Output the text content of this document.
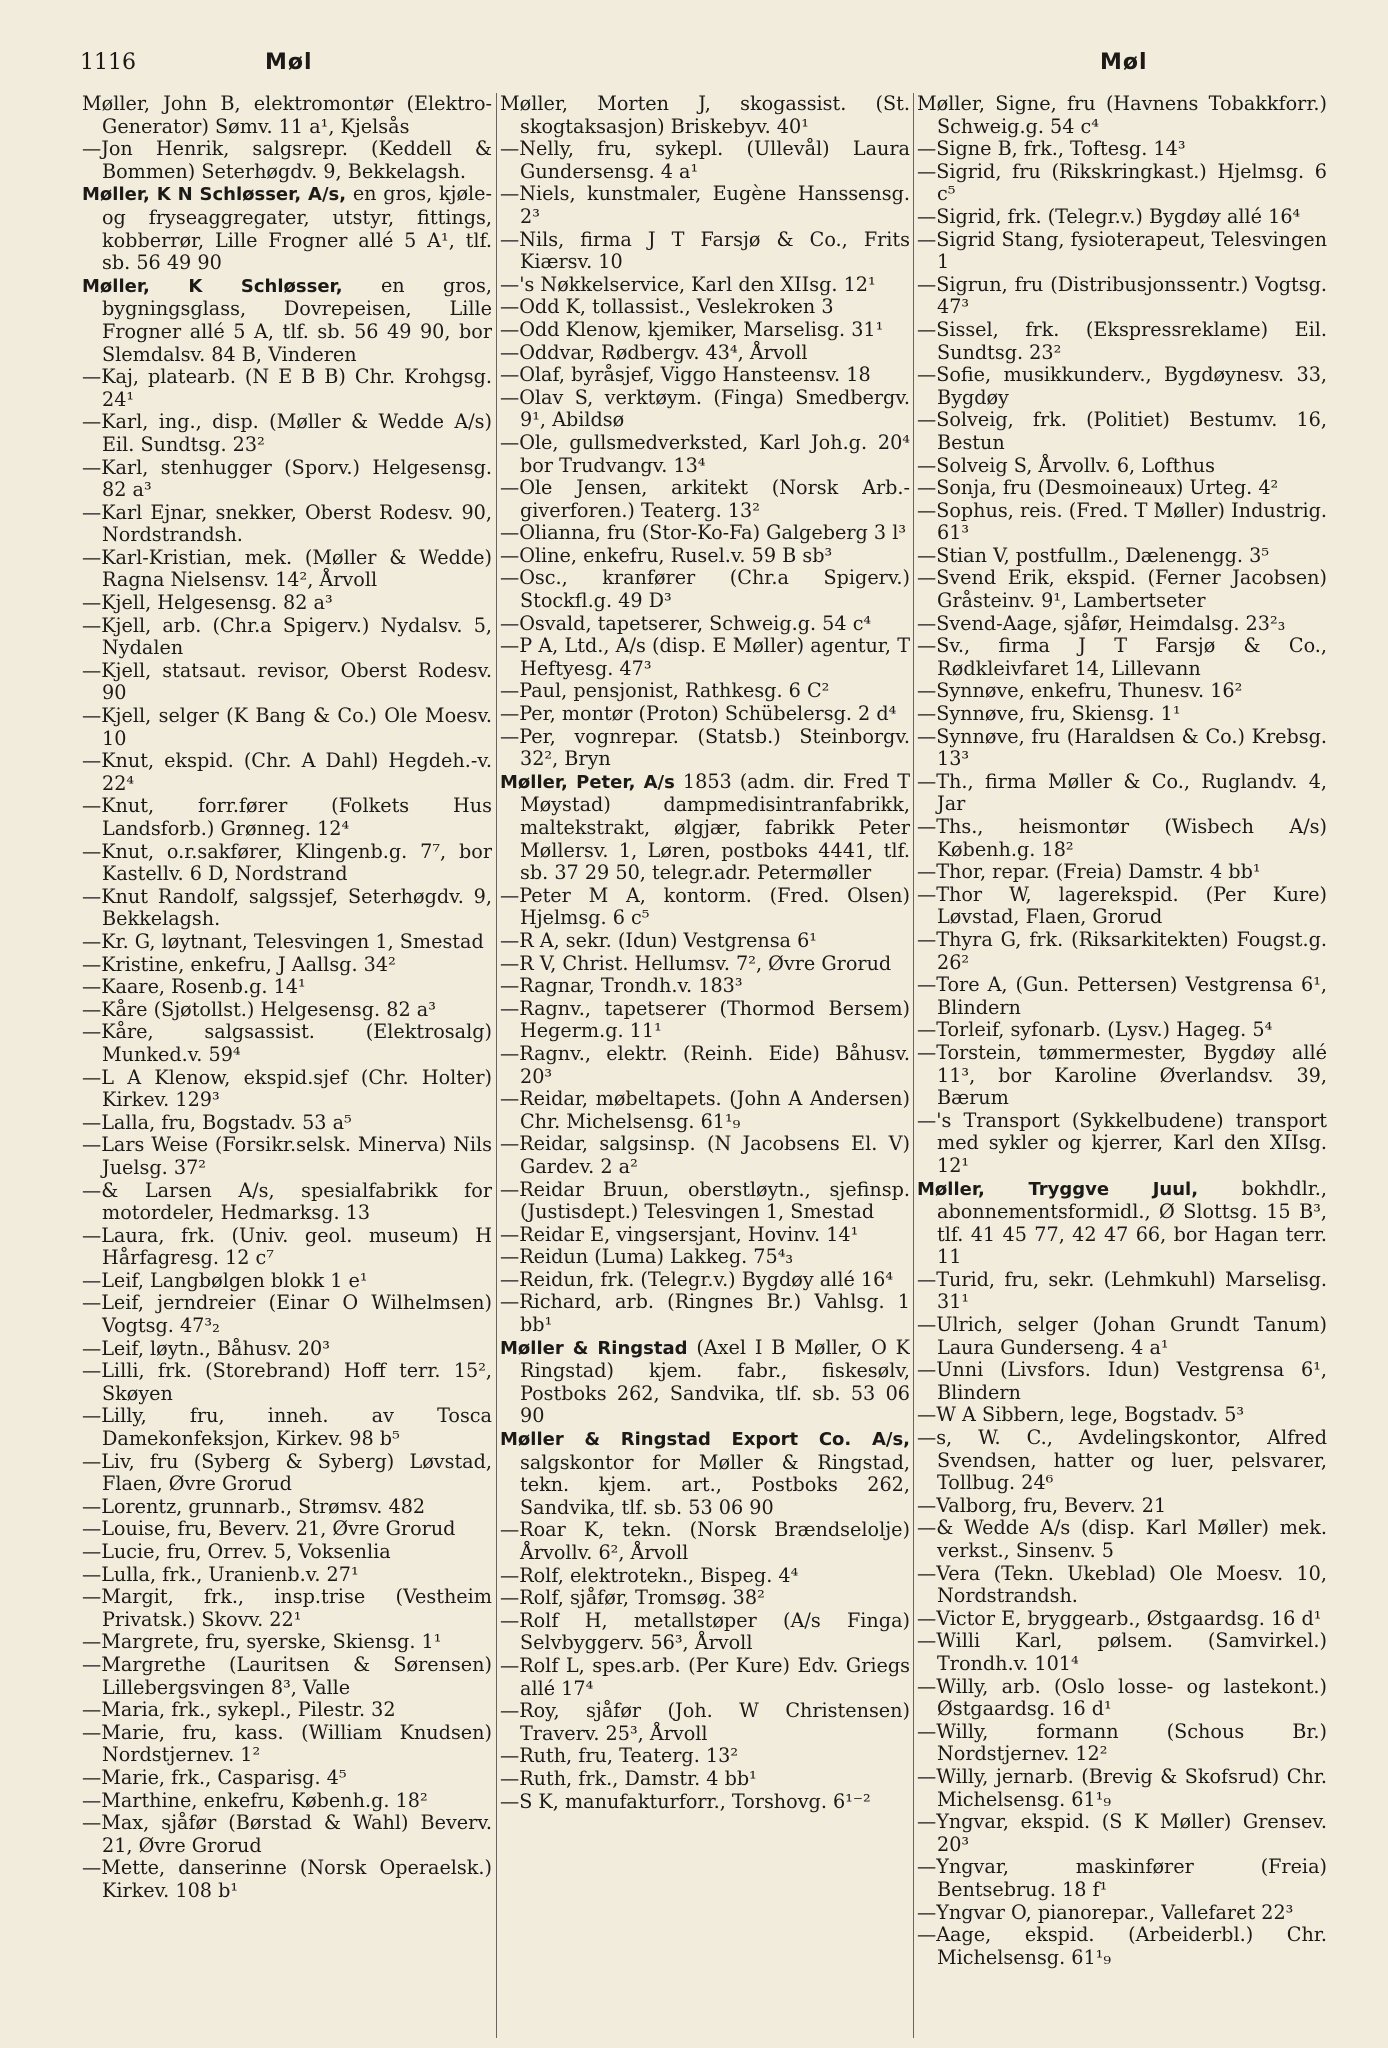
1116	Møl	Møl

Møller, John B, elektromontør (Elektro-Generator) Sømv. 11 a¹, Kjelsås

—Jon Henrik, salgsrepr. (Keddell & Bommen) Seterhøgdv. 9, Bekkelagsh.

Møller, K N Schløsser, A/s, en gros, kjøle- og fryseaggregater, utstyr, fittings, kobberrør, Lille Frogner allé 5 A¹, tlf. sb. 56 49 90

Møller, K Schløsser, en gros, bygningsglass, Dovrepeisen, Lille Frogner allé 5 A, tlf. sb. 56 49 90, bor Slemdalsv. 84 B, Vinderen

—Kaj, platearb. (N E B B) Chr. Krohgsg. 24¹

—Karl, ing., disp. (Møller & Wedde A/s) Eil. Sundtsg. 23²

—Karl, stenhugger (Sporv.) Helgesensg. 82 a³

—Karl Ejnar, snekker, Oberst Rodesv. 90, Nordstrandsh.

—Karl-Kristian, mek. (Møller & Wedde) Ragna Nielsensv. 14², Årvoll

—Kjell, Helgesensg. 82 a³

—Kjell, arb. (Chr.a Spigerv.) Nydalsv. 5, Nydalen

—Kjell, statsaut. revisor, Oberst Rodesv. 90

—Kjell, selger (K Bang & Co.) Ole Moesv. 10

—Knut, ekspid. (Chr. A Dahl) Hegdeh.-v. 22⁴

—Knut, forr.fører (Folkets Hus Landsforb.) Grønneg. 12⁴

—Knut, o.r.sakfører, Klingenb.g. 7⁷, bor Kastellv. 6 D, Nordstrand

—Knut Randolf, salgssjef, Seterhøgdv. 9, Bekkelagsh.

—Kr. G, løytnant, Telesvingen 1, Smestad

—Kristine, enkefru, J Aallsg. 34²

—Kaare, Rosenb.g. 14¹

—Kåre (Sjøtollst.) Helgesensg. 82 a³

—Kåre, salgsassist. (Elektrosalg) Munked.v. 59⁴

—L A Klenow, ekspid.sjef (Chr. Holter) Kirkev. 129³

—Lalla, fru, Bogstadv. 53 a⁵

—Lars Weise (Forsikr.selsk. Minerva) Nils Juelsg. 37²

—& Larsen A/s, spesialfabrikk for motordeler, Hedmarksg. 13

—Laura, frk. (Univ. geol. museum) H Hårfagresg. 12 c⁷

—Leif, Langbølgen blokk 1 e¹

—Leif, jerndreier (Einar O Wilhelmsen) Vogtsg. 47³₂

—Leif, løytn., Båhusv. 20³

—Lilli, frk. (Storebrand) Hoff terr. 15², Skøyen

—Lilly, fru, inneh. av Tosca Damekonfeksjon, Kirkev. 98 b⁵

—Liv, fru (Syberg & Syberg) Løvstad, Flaen, Øvre Grorud

—Lorentz, grunnarb., Strømsv. 482

—Louise, fru, Beverv. 21, Øvre Grorud

—Lucie, fru, Orrev. 5, Voksenlia

—Lulla, frk., Uranienb.v. 27¹

—Margit, frk., insp.trise (Vestheim Privatsk.) Skovv. 22¹

—Margrete, fru, syerske, Skiensg. 1¹

—Margrethe (Lauritsen & Sørensen) Lillebergsvingen 8³, Valle

—Maria, frk., sykepl., Pilestr. 32

—Marie, fru, kass. (William Knudsen) Nordstjernev. 1²

—Marie, frk., Casparisg. 4⁵

—Marthine, enkefru, Københ.g. 18²

—Max, sjåfør (Børstad & Wahl) Beverv. 21, Øvre Grorud

—Mette, danserinne (Norsk Operaelsk.) Kirkev. 108 b¹

Møller, Morten J, skogassist. (St. skogtaksasjon) Briskebyv. 40¹

—Nelly, fru, sykepl. (Ullevål) Laura Gundersensg. 4 a¹

—Niels, kunstmaler, Eugène Hanssensg. 2³

—Nils, firma J T Farsjø & Co., Frits Kiærsv. 10

—'s Nøkkelservice, Karl den XIIsg. 12¹

—Odd K, tollassist., Veslekroken 3

—Odd Klenow, kjemiker, Marselisg. 31¹

—Oddvar, Rødbergv. 43⁴, Årvoll

—Olaf, byråsjef, Viggo Hansteensv. 18

—Olav S, verktøym. (Finga) Smedbergv. 9¹, Abildsø

—Ole, gullsmedverksted, Karl Joh.g. 20⁴ bor Trudvangv. 13⁴

—Ole Jensen, arkitekt (Norsk Arb.-giverforen.) Teaterg. 13²

—Olianna, fru (Stor-Ko-Fa) Galgeberg 3 l³

—Oline, enkefru, Rusel.v. 59 B sb³

—Osc., kranfører (Chr.a Spigerv.) Stockfl.g. 49 D³

—Osvald, tapetserer, Schweig.g. 54 c⁴

—P A, Ltd., A/s (disp. E Møller) agentur, T Heftyesg. 47³

—Paul, pensjonist, Rathkesg. 6 C²

—Per, montør (Proton) Schübelersg. 2 d⁴

—Per, vognrepar. (Statsb.) Steinborgv. 32², Bryn

Møller, Peter, A/s 1853 (adm. dir. Fred T Møystad) dampmedisintranfabrikk, maltekstrakt, ølgjær, fabrikk Peter Møllersv. 1, Løren, postboks 4441, tlf. sb. 37 29 50, telegr.adr. Petermøller

—Peter M A, kontorm. (Fred. Olsen) Hjelmsg. 6 c⁵

—R A, sekr. (Idun) Vestgrensa 6¹

—R V, Christ. Hellumsv. 7², Øvre Grorud

—Ragnar, Trondh.v. 183³

—Ragnv., tapetserer (Thormod Bersem) Hegerm.g. 11¹

—Ragnv., elektr. (Reinh. Eide) Båhusv. 20³

—Reidar, møbeltapets. (John A Andersen) Chr. Michelsensg. 61¹₉

—Reidar, salgsinsp. (N Jacobsens El. V) Gardev. 2 a²

—Reidar Bruun, oberstløytn., sjefinsp. (Justisdept.) Telesvingen 1, Smestad

—Reidar E, vingsersjant, Hovinv. 14¹

—Reidun (Luma) Lakkeg. 75⁴₃

—Reidun, frk. (Telegr.v.) Bygdøy allé 16⁴

—Richard, arb. (Ringnes Br.) Vahlsg. 1 bb¹

Møller & Ringstad (Axel I B Møller, O K Ringstad) kjem. fabr., fiskesølv, Postboks 262, Sandvika, tlf. sb. 53 06 90

Møller & Ringstad Export Co. A/s, salgskontor for Møller & Ringstad, tekn. kjem. art., Postboks 262, Sandvika, tlf. sb. 53 06 90

—Roar K, tekn. (Norsk Brændselolje) Årvollv. 6², Årvoll

—Rolf, elektrotekn., Bispeg. 4⁴

—Rolf, sjåfør, Tromsøg. 38²

—Rolf H, metallstøper (A/s Finga) Selvbyggerv. 56³, Årvoll

—Rolf L, spes.arb. (Per Kure) Edv. Griegs allé 17⁴

—Roy, sjåfør (Joh. W Christensen) Traverv. 25³, Årvoll

—Ruth, fru, Teaterg. 13²

—Ruth, frk., Damstr. 4 bb¹

—S K, manufakturforr., Torshovg. 6¹⁻²

Møller, Signe, fru (Havnens Tobakkforr.) Schweig.g. 54 c⁴

—Signe B, frk., Toftesg. 14³

—Sigrid, fru (Rikskringkast.) Hjelmsg. 6 c⁵

—Sigrid, frk. (Telegr.v.) Bygdøy allé 16⁴

—Sigrid Stang, fysioterapeut, Telesvingen 1

—Sigrun, fru (Distribusjonssentr.) Vogtsg. 47³

—Sissel, frk. (Ekspressreklame) Eil. Sundtsg. 23²

—Sofie, musikkunderv., Bygdøynesv. 33, Bygdøy

—Solveig, frk. (Politiet) Bestumv. 16, Bestun

—Solveig S, Årvollv. 6, Lofthus

—Sonja, fru (Desmoineaux) Urteg. 4²

—Sophus, reis. (Fred. T Møller) Industrig. 61³

—Stian V, postfullm., Dælenengg. 3⁵

—Svend Erik, ekspid. (Ferner Jacobsen) Gråsteinv. 9¹, Lambertseter

—Svend-Aage, sjåfør, Heimdalsg. 23²₃

—Sv., firma J T Farsjø & Co., Rødkleivfaret 14, Lillevann

—Synnøve, enkefru, Thunesv. 16²

—Synnøve, fru, Skiensg. 1¹

—Synnøve, fru (Haraldsen & Co.) Krebsg. 13³

—Th., firma Møller & Co., Ruglandv. 4, Jar

—Ths., heismontør (Wisbech A/s) Københ.g. 18²

—Thor, repar. (Freia) Damstr. 4 bb¹

—Thor W, lagerekspid. (Per Kure) Løvstad, Flaen, Grorud

—Thyra G, frk. (Riksarkitekten) Fougst.g. 26²

—Tore A, (Gun. Pettersen) Vestgrensa 6¹, Blindern

—Torleif, syfonarb. (Lysv.) Hageg. 5⁴

—Torstein, tømmermester, Bygdøy allé 11³, bor Karoline Øverlandsv. 39, Bærum

—'s Transport (Sykkelbudene) transport med sykler og kjerrer, Karl den XIIsg. 12¹

Møller, Tryggve Juul, bokhdlr., abonnementsformidl., Ø Slottsg. 15 B³, tlf. 41 45 77, 42 47 66, bor Hagan terr. 11

—Turid, fru, sekr. (Lehmkuhl) Marselisg. 31¹

—Ulrich, selger (Johan Grundt Tanum) Laura Gunderseng. 4 a¹

—Unni (Livsfors. Idun) Vestgrensa 6¹, Blindern

—W A Sibbern, lege, Bogstadv. 5³

—s, W. C., Avdelingskontor, Alfred Svendsen, hatter og luer, pelsvarer, Tollbug. 24⁶

—Valborg, fru, Beverv. 21

—& Wedde A/s (disp. Karl Møller) mek. verkst., Sinsenv. 5

—Vera (Tekn. Ukeblad) Ole Moesv. 10, Nordstrandsh.

—Victor E, bryggearb., Østgaardsg. 16 d¹

—Willi Karl, pølsem. (Samvirkel.) Trondh.v. 101⁴

—Willy, arb. (Oslo losse- og lastekont.) Østgaardsg. 16 d¹

—Willy, formann (Schous Br.) Nordstjernev. 12²

—Willy, jernarb. (Brevig & Skofsrud) Chr. Michelsensg. 61¹₉

—Yngvar, ekspid. (S K Møller) Grensev. 20³

—Yngvar, maskinfører (Freia) Bentsebrug. 18 f¹

—Yngvar O, pianorepar., Vallefaret 22³

—Aage, ekspid. (Arbeiderbl.) Chr. Michelsensg. 61¹₉
